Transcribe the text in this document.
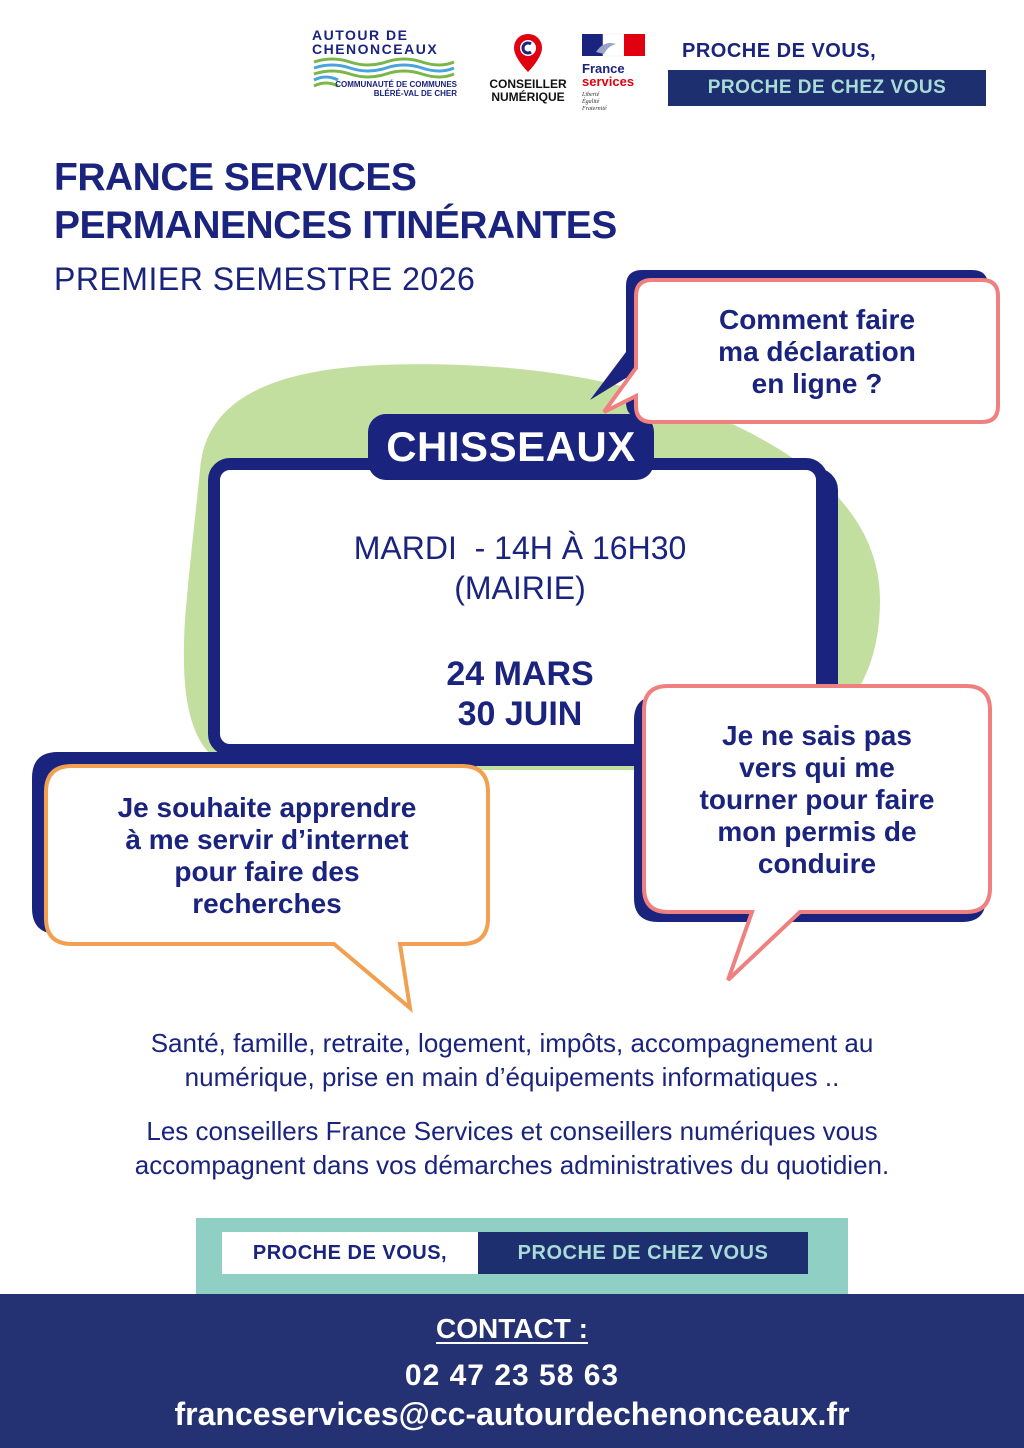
AUTOUR DE
CHENONCEAUX
COMMUNAUTÉ DE COMMUNES
BLÉRÉ-VAL DE CHER
CONSEILLER
NUMÉRIQUE
France
services
Liberté
Égalité
Fraternité
PROCHE DE VOUS,
PROCHE DE CHEZ VOUS
FRANCE SERVICES
PERMANENCES ITINÉRANTES
PREMIER SEMESTRE 2026
CHISSEAUX
MARDI  - 14H À 16H30
(MAIRIE)
24 MARS
30 JUIN
Comment faire
ma déclaration
en ligne ?
Je souhaite apprendre
à me servir d’internet
pour faire des
recherches
Je ne sais pas
vers qui me
tourner pour faire
mon permis de
conduire
Santé, famille, retraite, logement, impôts, accompagnement au
numérique, prise en main d’équipements informatiques ..
Les conseillers France Services et conseillers numériques vous
accompagnent dans vos démarches administratives du quotidien.
PROCHE DE VOUS,	PROCHE DE CHEZ VOUS
CONTACT :
02 47 23 58 63
franceservices@cc-autourdechenonceaux.fr
